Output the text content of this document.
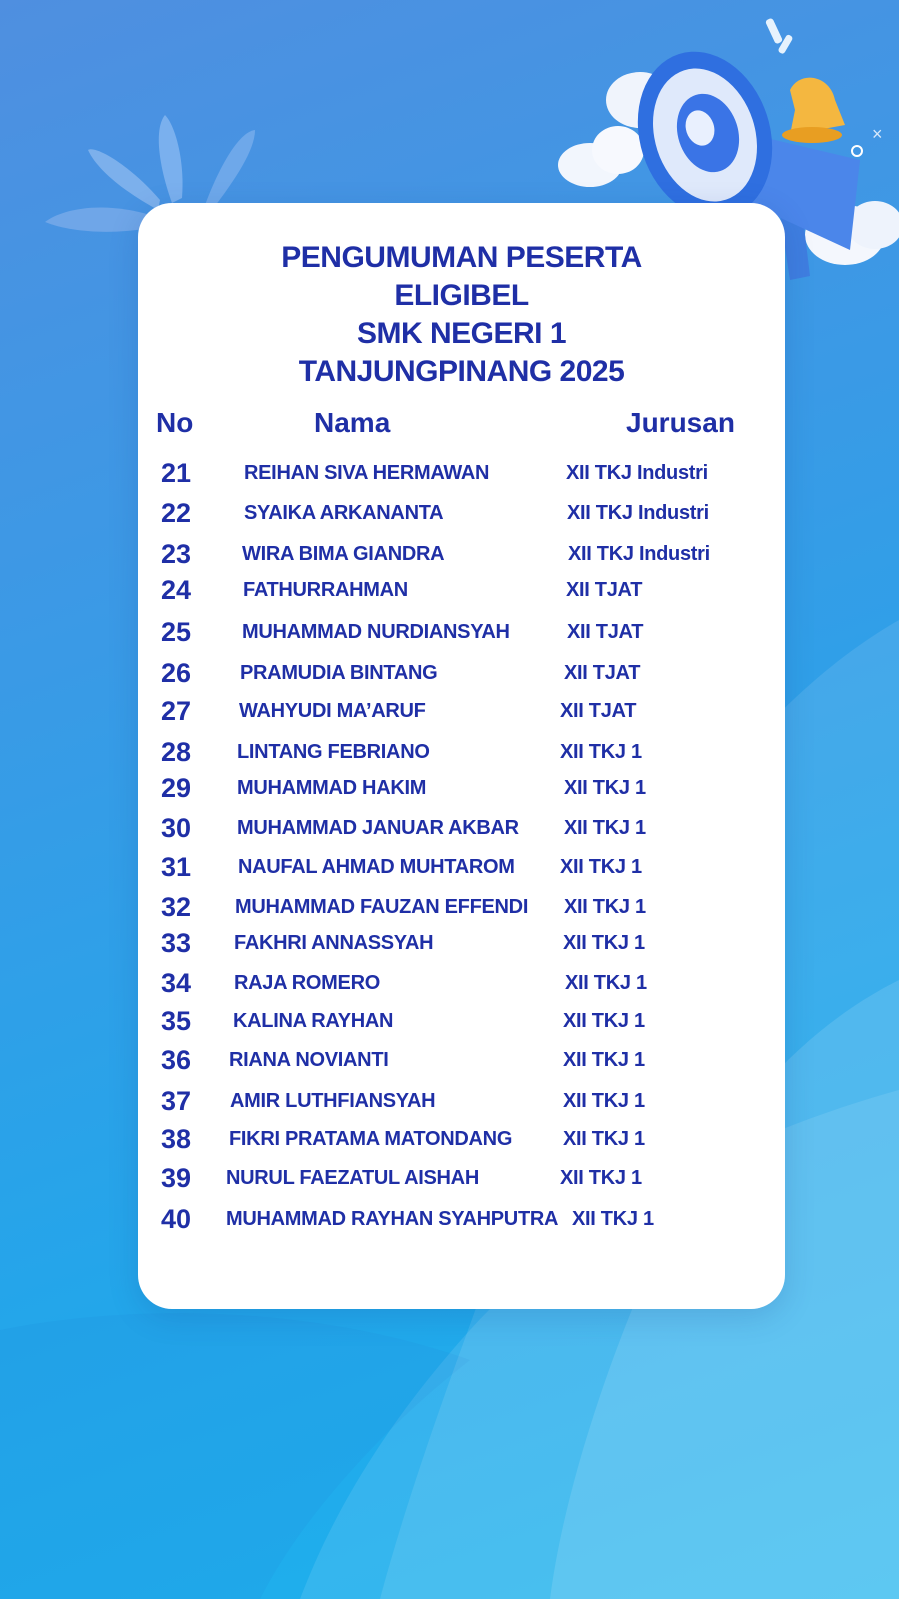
×
PENGUMUMAN PESERTA
ELIGIBEL
SMK NEGERI 1
TANJUNGPINANG 2025
No	Nama	Jurusan
21	REIHAN SIVA HERMAWAN	XII TKJ Industri
22	SYAIKA ARKANANTA	XII TKJ Industri
23	WIRA BIMA GIANDRA	XII TKJ Industri
24	FATHURRAHMAN	XII TJAT
25	MUHAMMAD NURDIANSYAH	XII TJAT
26 PRAMUDIA BINTANG	XII TJAT
27 WAHYUDI MA’ARUF	XII TJAT
28 LINTANG FEBRIANO	XII TKJ 1
29 MUHAMMAD HAKIM	XII TKJ 1
30 MUHAMMAD JANUAR AKBAR XII TKJ 1
31 NAUFAL AHMAD MUHTAROM XII TKJ 1
32 MUHAMMAD FAUZAN EFFENDI XII TKJ 1
33 FAKHRI ANNASSYAH	XII TKJ 1
34 RAJA ROMERO	XII TKJ 1
35 KALINA RAYHAN	XII TKJ 1
36 RIANA NOVIANTI	XII TKJ 1
37 AMIR LUTHFIANSYAH	XII TKJ 1
38 FIKRI PRATAMA MATONDANG	XII TKJ 1
39 NURUL FAEZATUL AISHAH	XII TKJ 1
40 MUHAMMAD RAYHAN SYAHPUTRA XII TKJ 1
